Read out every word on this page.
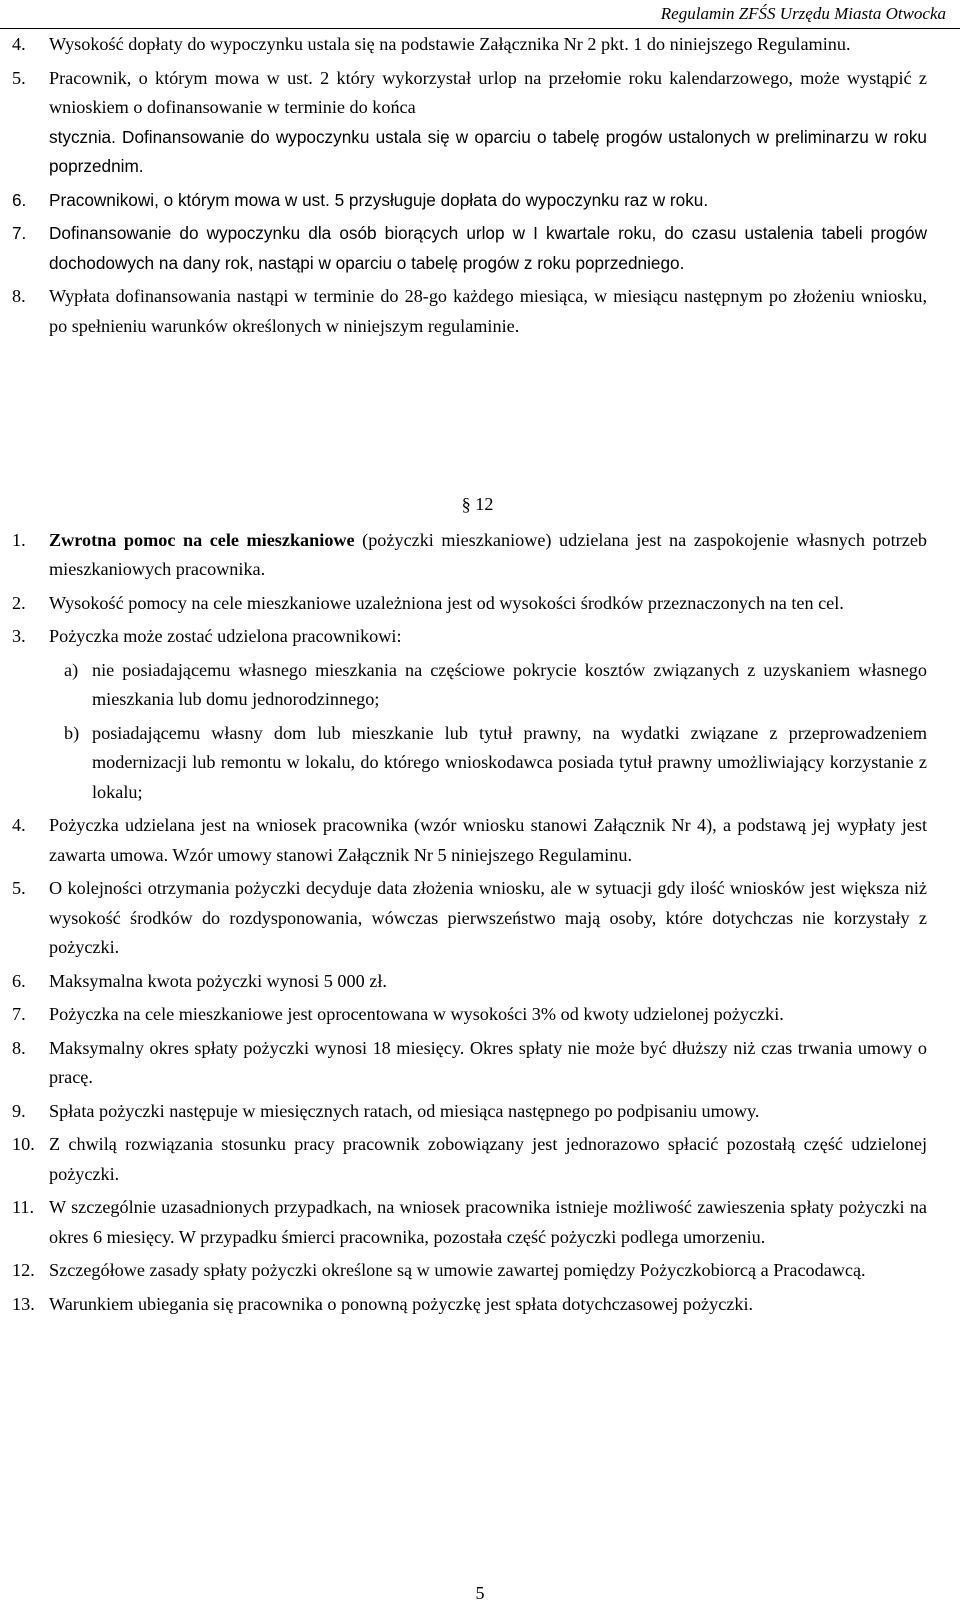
Regulamin ZFŚS Urzędu Miasta Otwocka
4.	Wysokość dopłaty do wypoczynku ustala się na podstawie Załącznika Nr 2 pkt. 1 do niniejszego Regulaminu.
5.	Pracownik, o którym mowa w ust. 2 który wykorzystał urlop na przełomie roku kalendarzowego, może wystąpić z wnioskiem o dofinansowanie w terminie do końca
stycznia. Dofinansowanie do wypoczynku ustala się w oparciu o tabelę progów ustalonych w preliminarzu w roku poprzednim.
6.	Pracownikowi, o którym mowa w ust. 5 przysługuje dopłata do wypoczynku raz w roku.
7.	Dofinansowanie do wypoczynku dla osób biorących urlop w I kwartale roku, do czasu ustalenia tabeli progów dochodowych na dany rok, nastąpi w oparciu o tabelę progów z roku poprzedniego.
8.	Wypłata dofinansowania nastąpi w terminie do 28-go każdego miesiąca, w miesiącu następnym po złożeniu wniosku, po spełnieniu warunków określonych w niniejszym regulaminie.
§ 12
1.	Zwrotna pomoc na cele mieszkaniowe (pożyczki mieszkaniowe) udzielana jest na zaspokojenie własnych potrzeb mieszkaniowych pracownika.
2.	Wysokość pomocy na cele mieszkaniowe uzależniona jest od wysokości środków przeznaczonych na ten cel.
3.	Pożyczka może zostać udzielona pracownikowi:
a) nie posiadającemu własnego mieszkania na częściowe pokrycie kosztów związanych z uzyskaniem własnego mieszkania lub domu jednorodzinnego;
b) posiadającemu własny dom lub mieszkanie lub tytuł prawny, na wydatki związane z przeprowadzeniem modernizacji lub remontu w lokalu, do którego wnioskodawca posiada tytuł prawny umożliwiający korzystanie z lokalu;
4.	Pożyczka udzielana jest na wniosek pracownika (wzór wniosku stanowi Załącznik Nr 4), a podstawą jej wypłaty jest zawarta umowa. Wzór umowy stanowi Załącznik Nr 5 niniejszego Regulaminu.
5.	O kolejności otrzymania pożyczki decyduje data złożenia wniosku, ale w sytuacji gdy ilość wniosków jest większa niż wysokość środków do rozdysponowania, wówczas pierwszeństwo mają osoby, które dotychczas nie korzystały z pożyczki.
6.	Maksymalna kwota pożyczki wynosi 5 000 zł.
7.	Pożyczka na cele mieszkaniowe jest oprocentowana w wysokości 3% od kwoty udzielonej pożyczki.
8.	Maksymalny okres spłaty pożyczki wynosi 18 miesięcy. Okres spłaty nie może być dłuższy niż czas trwania umowy o pracę.
9.	Spłata pożyczki następuje w miesięcznych ratach, od miesiąca następnego po podpisaniu umowy.
10. Z chwilą rozwiązania stosunku pracy pracownik zobowiązany jest jednorazowo spłacić pozostałą część udzielonej pożyczki.
11. W szczególnie uzasadnionych przypadkach, na wniosek pracownika istnieje możliwość zawieszenia spłaty pożyczki na okres 6 miesięcy. W przypadku śmierci pracownika, pozostała część pożyczki podlega umorzeniu.
12. Szczegółowe zasady spłaty pożyczki określone są w umowie zawartej pomiędzy Pożyczkobiorcą a Pracodawcą.
13. Warunkiem ubiegania się pracownika o ponowną pożyczkę jest spłata dotychczasowej pożyczki.
5
